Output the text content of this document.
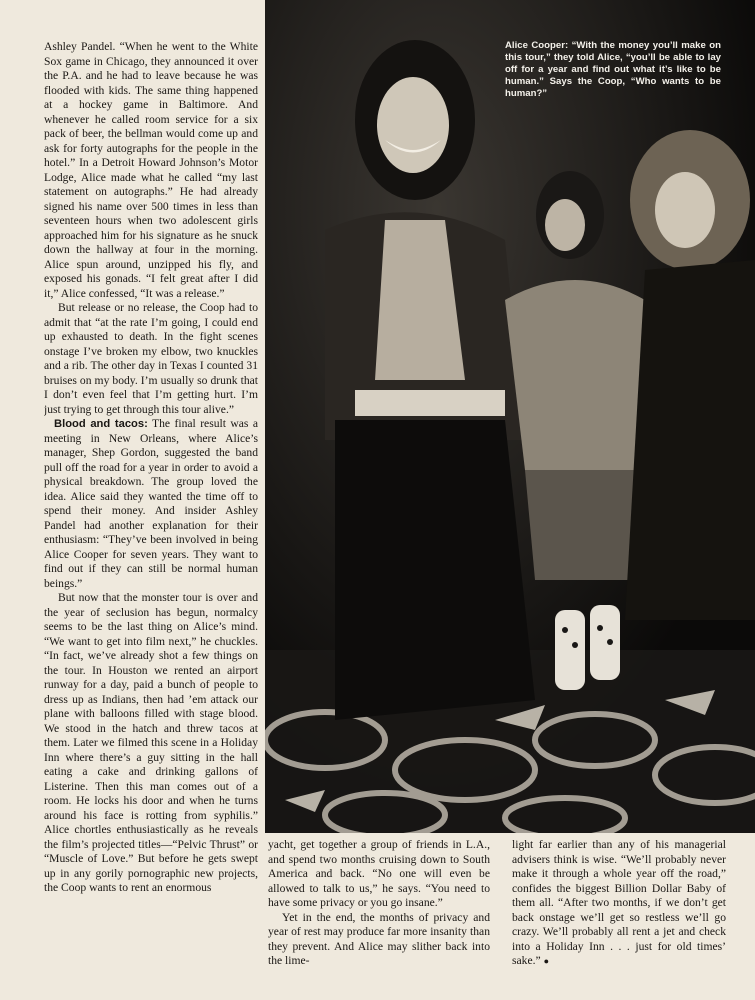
Ashley Pandel. “When he went to the White Sox game in Chicago, they announced it over the P.A. and he had to leave because he was flooded with kids. The same thing happened at a hockey game in Baltimore. And whenever he called room service for a six pack of beer, the bellman would come up and ask for forty autographs for the people in the hotel.” In a Detroit Howard Johnson’s Motor Lodge, Alice made what he called “my last statement on autographs.” He had already signed his name over 500 times in less than seventeen hours when two adolescent girls approached him for his signature as he snuck down the hallway at four in the morning. Alice spun around, unzipped his fly, and exposed his gonads. “I felt great after I did it,” Alice confessed, “It was a release.”

But release or no release, the Coop had to admit that “at the rate I’m going, I could end up exhausted to death. In the fight scenes onstage I’ve broken my elbow, two knuckles and a rib. The other day in Texas I counted 31 bruises on my body. I’m usually so drunk that I don’t even feel that I’m getting hurt. I’m just trying to get through this tour alive.”

Blood and tacos: The final result was a meeting in New Orleans, where Alice’s manager, Shep Gordon, suggested the band pull off the road for a year in order to avoid a physical breakdown. The group loved the idea. Alice said they wanted the time off to spend their money. And insider Ashley Pandel had another explanation for their enthusiasm: “They’ve been involved in being Alice Cooper for seven years. They want to find out if they can still be normal human beings.”

But now that the monster tour is over and the year of seclusion has begun, normalcy seems to be the last thing on Alice’s mind. “We want to get into film next,” he chuckles. “In fact, we’ve already shot a few things on the tour. In Houston we rented an airport runway for a day, paid a bunch of people to dress up as Indians, then had ’em attack our plane with balloons filled with stage blood. We stood in the hatch and threw tacos at them. Later we filmed this scene in a Holiday Inn where there’s a guy sitting in the hall eating a cake and drinking gallons of Listerine. Then this man comes out of a room. He locks his door and when he turns around his face is rotting from syphilis.” Alice chortles enthusiastically as he reveals the film’s projected titles—“Pelvic Thrust” or “Muscle of Love.” But before he gets swept up in any gorily pornographic new projects, the Coop wants to rent an enormous

Alice Cooper: “With the money you’ll make on this tour,” they told Alice, “you’ll be able to lay off for a year and find out what it’s like to be human.” Says the Coop, “Who wants to be human?”

yacht, get together a group of friends in L.A., and spend two months cruising down to South America and back. “No one will even be allowed to talk to us,” he says. “You need to have some privacy or you go insane.”

Yet in the end, the months of privacy and year of rest may produce far more insanity than they prevent. And Alice may slither back into the lime-

light far earlier than any of his managerial advisers think is wise. “We’ll probably never make it through a whole year off the road,” confides the biggest Billion Dollar Baby of them all. “After two months, if we don’t get back onstage we’ll get so restless we’ll go crazy. We’ll probably all rent a jet and check into a Holiday Inn . . . just for old times’ sake.” ●
